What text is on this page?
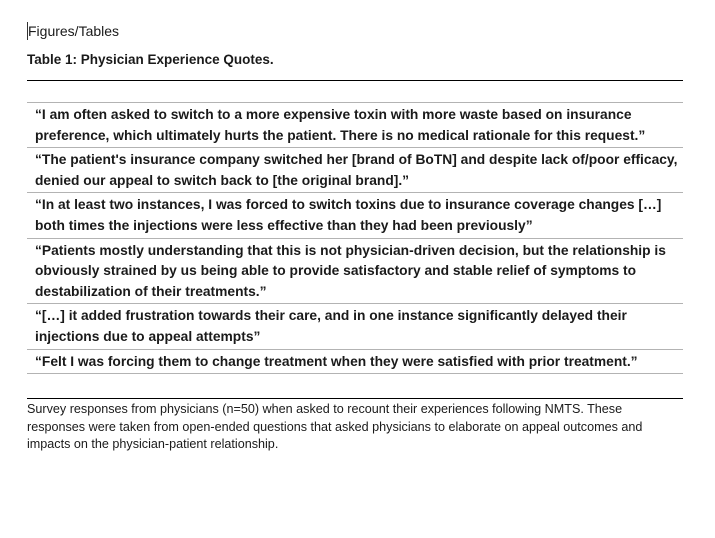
Figures/Tables
Table 1: Physician Experience Quotes.
“I am often asked to switch to a more expensive toxin with more waste based on insurance preference, which ultimately hurts the patient. There is no medical rationale for this request.”
“The patient's insurance company switched her [brand of BoTN] and despite lack of/poor efficacy, denied our appeal to switch back to [the original brand].”
“In at least two instances, I was forced to switch toxins due to insurance coverage changes […] both times the injections were less effective than they had been previously”
“Patients mostly understanding that this is not physician-driven decision, but the relationship is obviously strained by us being able to provide satisfactory and stable relief of symptoms to destabilization of their treatments.”
“[…] it added frustration towards their care, and in one instance significantly delayed their injections due to appeal attempts”
“Felt I was forcing them to change treatment when they were satisfied with prior treatment.”
Survey responses from physicians (n=50) when asked to recount their experiences following NMTS. These responses were taken from open-ended questions that asked physicians to elaborate on appeal outcomes and impacts on the physician-patient relationship.
